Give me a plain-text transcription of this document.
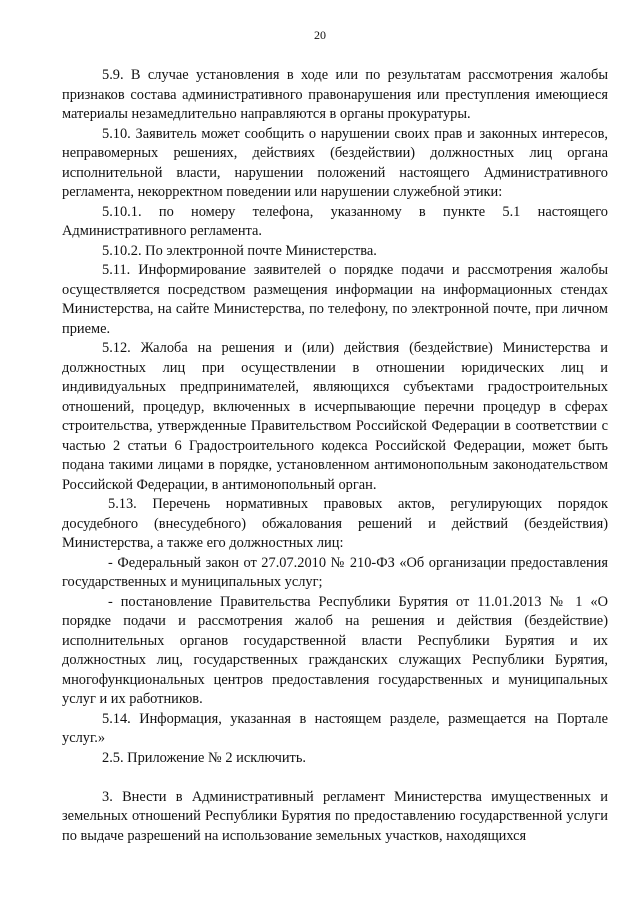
20

5.9. В случае установления в ходе или по результатам рассмотрения жалобы признаков состава административного правонарушения или преступления имеющиеся материалы незамедлительно направляются в органы прокуратуры.

5.10. Заявитель может сообщить о нарушении своих прав и законных интересов, неправомерных решениях, действиях (бездействии) должностных лиц органа исполнительной власти, нарушении положений настоящего Административного регламента, некорректном поведении или нарушении служебной этики:

5.10.1. по номеру телефона, указанному в пункте 5.1 настоящего Административного регламента.

5.10.2. По электронной почте Министерства.

5.11. Информирование заявителей о порядке подачи и рассмотрения жалобы осуществляется посредством размещения информации на информационных стендах Министерства, на сайте Министерства, по телефону, по электронной почте, при личном приеме.

5.12. Жалоба на решения и (или) действия (бездействие) Министерства и должностных лиц при осуществлении в отношении юридических лиц и индивидуальных предпринимателей, являющихся субъектами градостроительных отношений, процедур, включенных в исчерпывающие перечни процедур в сферах строительства, утвержденные Правительством Российской Федерации в соответствии с частью 2 статьи 6 Градостроительного кодекса Российской Федерации, может быть подана такими лицами в порядке, установленном антимонопольным законодательством Российской Федерации, в антимонопольный орган.

5.13. Перечень нормативных правовых актов, регулирующих порядок досудебного (внесудебного) обжалования решений и действий (бездействия) Министерства, а также его должностных лиц:

- Федеральный закон от 27.07.2010 № 210-ФЗ «Об организации предоставления государственных и муниципальных услуг;

- постановление Правительства Республики Бурятия от 11.01.2013 № 1 «О порядке подачи и рассмотрения жалоб на решения и действия (бездействие) исполнительных органов государственной власти Республики Бурятия и их должностных лиц, государственных гражданских служащих Республики Бурятия, многофункциональных центров предоставления государственных и муниципальных услуг и их работников.

5.14. Информация, указанная в настоящем разделе, размещается на Портале услуг.»

2.5. Приложение № 2 исключить.

3. Внести в Административный регламент Министерства имущественных и земельных отношений Республики Бурятия по предоставлению государственной услуги по выдаче разрешений на использование земельных участков, находящихся
